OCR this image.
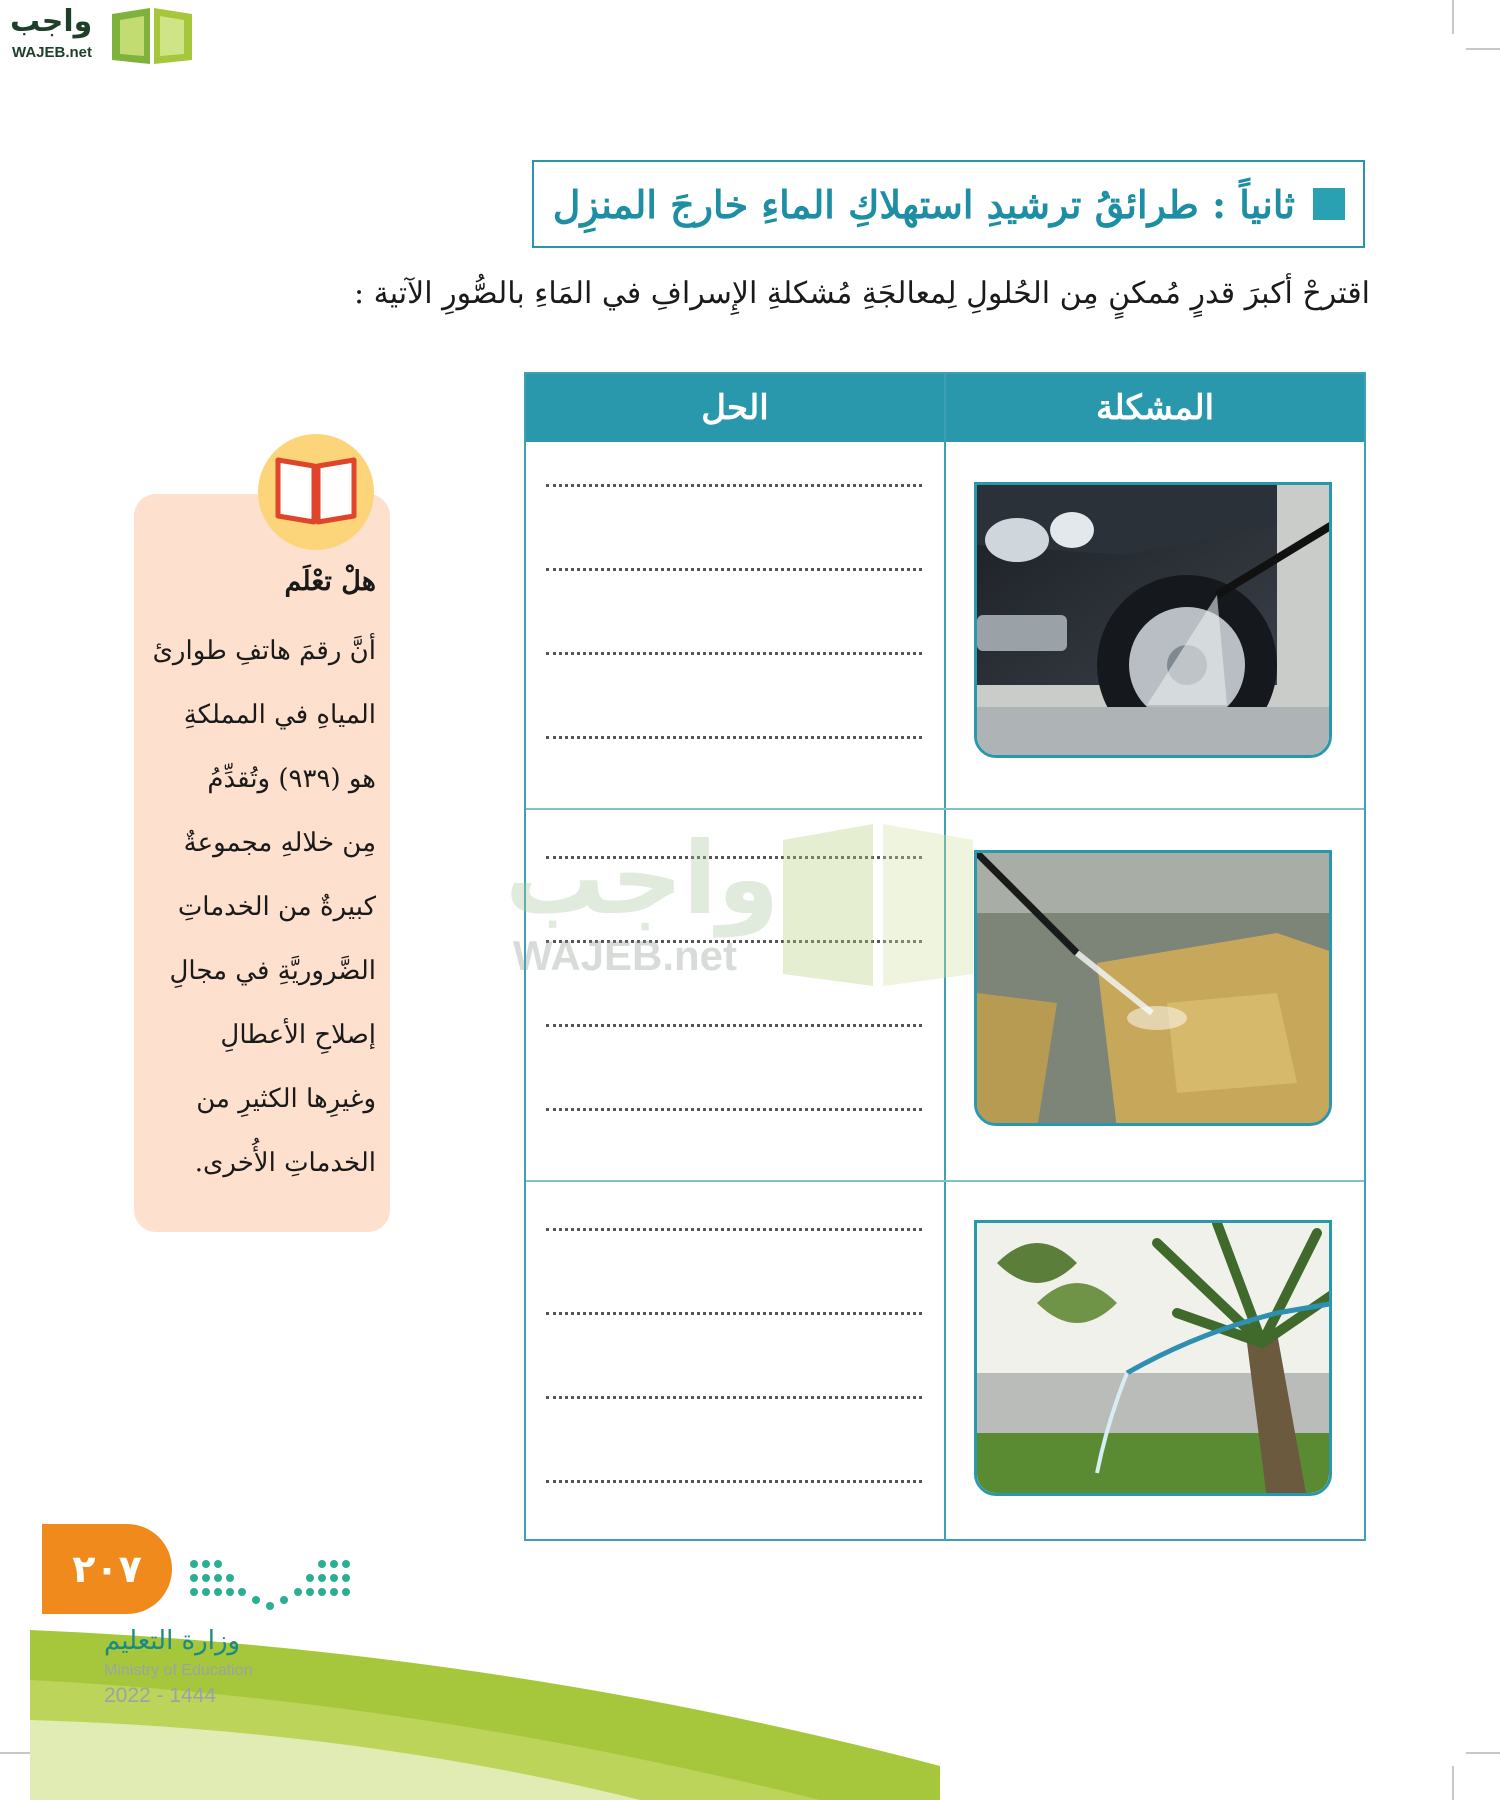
واجب
WAJEB.net
ثانياً : طرائقُ ترشيدِ استهلاكِ الماءِ خارجَ المنزِل
اقترحْ أكبرَ قدرٍ مُمكنٍ مِن الحُلولِ لِمعالجَةِ مُشكلةِ الإِسرافِ في المَاءِ بالصُّورِ الآتية :
المشكلة
الحل
واجب
WAJEB.net
هلْ تعْلَم
أنَّ رقمَ هاتفِ طوارئ
المياهِ في المملكةِ
هو (٩٣٩) وتُقدِّمُ
مِن خلالهِ مجموعةٌ
كبيرةٌ من الخدماتِ
الضَّروريَّةِ في مجالِ
إصلاحِ الأعطالِ
وغيرِها الكثيرِ من
الخدماتِ الأُخرى.
٢٠٧
وزارة التعليم
Ministry of Education
2022 - 1444
